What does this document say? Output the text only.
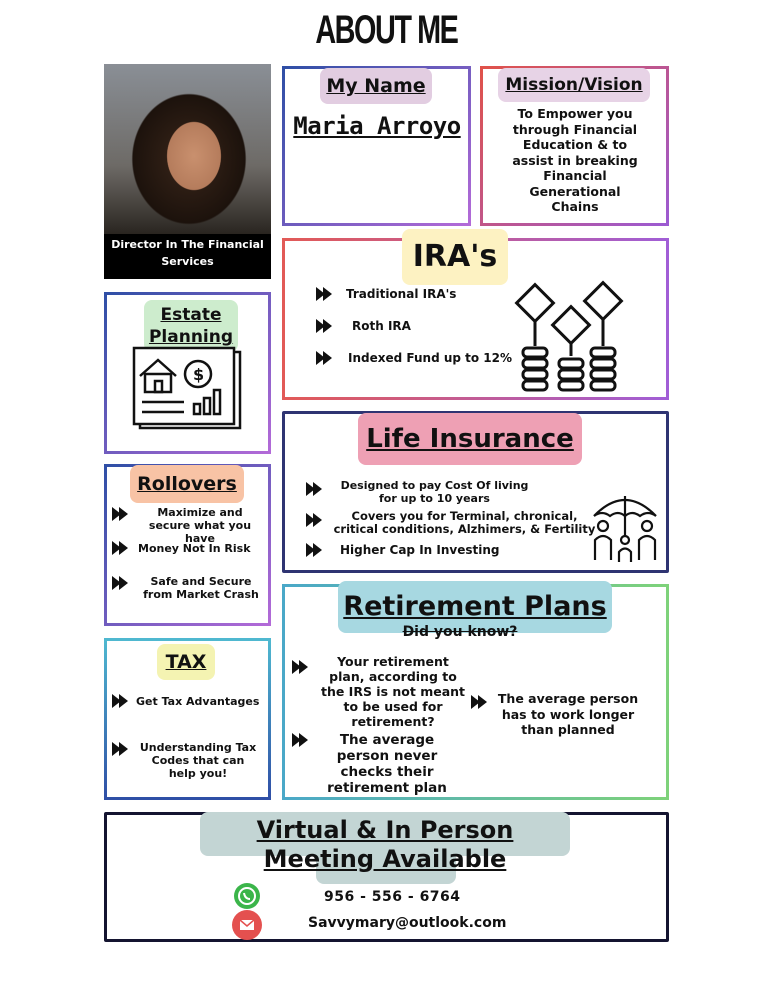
ABOUT ME
Director In The Financial Services
My Name
Maria Arroyo
Mission/Vision
To Empower you through Financial Education & to assist in breaking Financial Generational Chains
IRA's
Traditional IRA's
Roth IRA
Indexed Fund up to 12%
Estate Planning
$
Life Insurance
Designed to pay Cost Of living for up to 10 years
Covers you for Terminal, chronical, critical conditions, Alzhimers, & Fertility
Higher Cap In Investing
Rollovers
Maximize and secure what you have
Money Not In Risk
Safe and Secure from Market Crash	Retirement Plans
Did you know?
Your retirement plan, according to the IRS is not meant to be used for retirement?
The average person never checks their retirement plan
The average person has to work longer than planned
TAX
Get Tax Advantages
Understanding Tax Codes that can help you!
Virtual & In Person Meeting Available
956 - 556 - 6764
Savvymary@outlook.com
